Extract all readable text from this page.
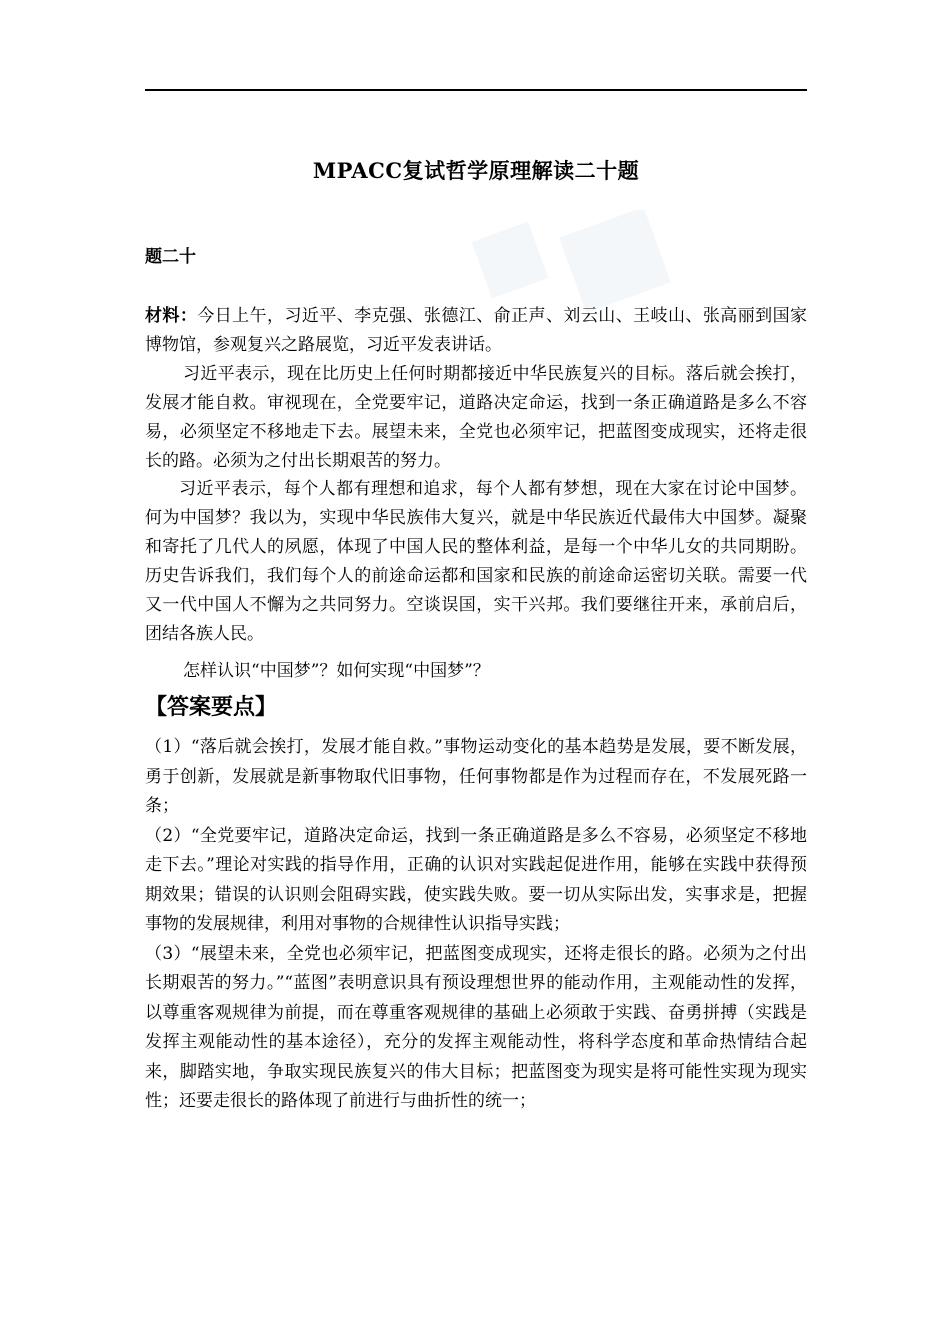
MPACC复试哲学原理解读二十题
题二十

材料：今日上午，习近平、李克强、张德江、俞正声、刘云山、王岐山、张高丽到国家博物馆，参观复兴之路展览，习近平发表讲话。

习近平表示，现在比历史上任何时期都接近中华民族复兴的目标。落后就会挨打，发展才能自救。审视现在，全党要牢记，道路决定命运，找到一条正确道路是多么不容易，必须坚定不移地走下去。展望未来，全党也必须牢记，把蓝图变成现实，还将走很长的路。必须为之付出长期艰苦的努力。

习近平表示，每个人都有理想和追求，每个人都有梦想，现在大家在讨论中国梦。何为中国梦？我以为，实现中华民族伟大复兴，就是中华民族近代最伟大中国梦。凝聚和寄托了几代人的夙愿，体现了中国人民的整体利益，是每一个中华儿女的共同期盼。历史告诉我们，我们每个人的前途命运都和国家和民族的前途命运密切关联。需要一代又一代中国人不懈为之共同努力。空谈误国，实干兴邦。我们要继往开来，承前启后，团结各族人民。

怎样认识“中国梦”？如何实现“中国梦”？

【答案要点】

（1）“落后就会挨打，发展才能自救。”事物运动变化的基本趋势是发展，要不断发展，勇于创新，发展就是新事物取代旧事物，任何事物都是作为过程而存在，不发展死路一条；

（2）“全党要牢记，道路决定命运，找到一条正确道路是多么不容易，必须坚定不移地走下去。”理论对实践的指导作用，正确的认识对实践起促进作用，能够在实践中获得预期效果；错误的认识则会阻碍实践，使实践失败。要一切从实际出发，实事求是，把握事物的发展规律，利用对事物的合规律性认识指导实践；

（3）“展望未来，全党也必须牢记，把蓝图变成现实，还将走很长的路。必须为之付出长期艰苦的努力。”“蓝图”表明意识具有预设理想世界的能动作用，主观能动性的发挥，以尊重客观规律为前提，而在尊重客观规律的基础上必须敢于实践、奋勇拼搏（实践是发挥主观能动性的基本途径），充分的发挥主观能动性，将科学态度和革命热情结合起来，脚踏实地，争取实现民族复兴的伟大目标；把蓝图变为现实是将可能性实现为现实性；还要走很长的路体现了前进行与曲折性的统一；
